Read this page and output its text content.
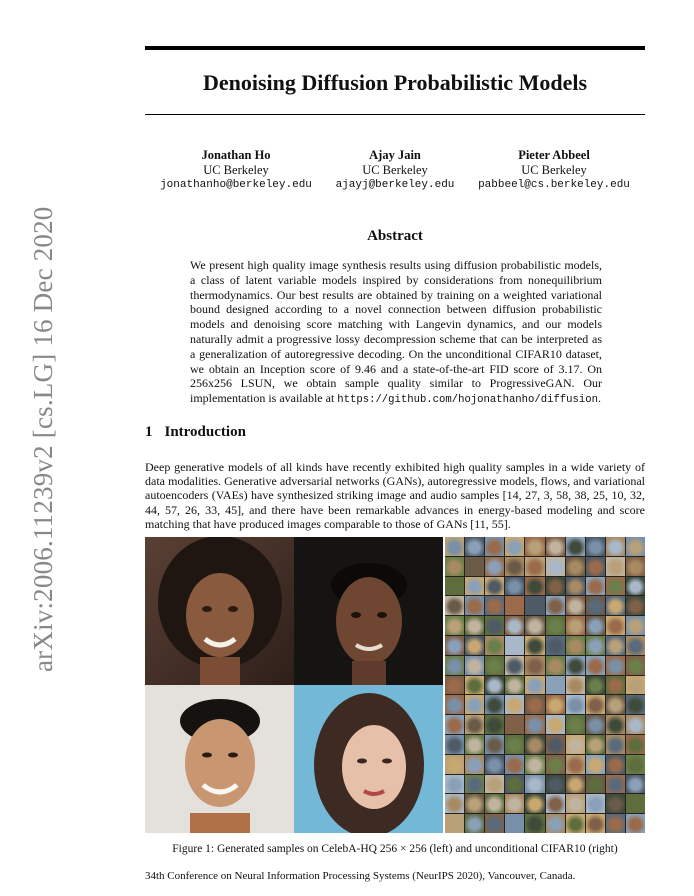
arXiv:2006.11239v2 [cs.LG] 16 Dec 2020
Denoising Diffusion Probabilistic Models
Jonathan Ho
UC Berkeley
jonathanho@berkeley.edu
Ajay Jain
UC Berkeley
ajayj@berkeley.edu
Pieter Abbeel
UC Berkeley
pabbeel@cs.berkeley.edu
Abstract
We present high quality image synthesis results using diffusion probabilistic models, a class of latent variable models inspired by considerations from nonequilibrium thermodynamics. Our best results are obtained by training on a weighted variational bound designed according to a novel connection between diffusion probabilistic models and denoising score matching with Langevin dynamics, and our models naturally admit a progressive lossy decompression scheme that can be interpreted as a generalization of autoregressive decoding. On the unconditional CIFAR10 dataset, we obtain an Inception score of 9.46 and a state-of-the-art FID score of 3.17. On 256x256 LSUN, we obtain sample quality similar to ProgressiveGAN. Our implementation is available at https://github.com/hojonathanho/diffusion.
1 Introduction
Deep generative models of all kinds have recently exhibited high quality samples in a wide variety of data modalities. Generative adversarial networks (GANs), autoregressive models, flows, and variational autoencoders (VAEs) have synthesized striking image and audio samples [14, 27, 3, 58, 38, 25, 10, 32, 44, 57, 26, 33, 45], and there have been remarkable advances in energy-based modeling and score matching that have produced images comparable to those of GANs [11, 55].
Figure 1: Generated samples on CelebA-HQ 256 × 256 (left) and unconditional CIFAR10 (right)
34th Conference on Neural Information Processing Systems (NeurIPS 2020), Vancouver, Canada.
